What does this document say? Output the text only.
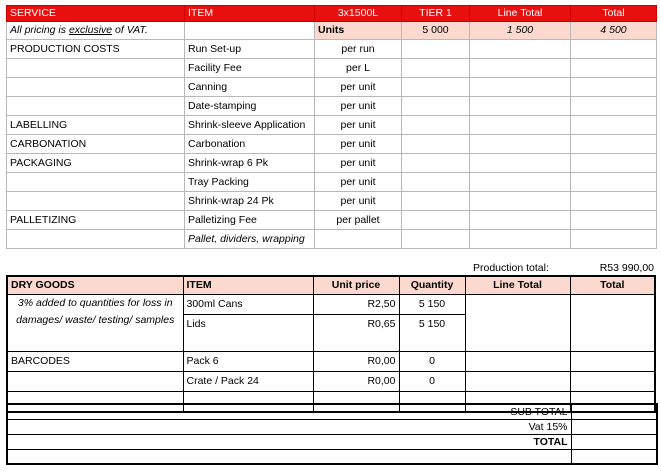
SERVICE	ITEM	3x1500L	TIER 1	Line Total	Total
All pricing is exclusive of VAT.		Units	5 000	1 500	4 500
PRODUCTION COSTS	Run Set-up	per run			
	Facility Fee	per L			
	Canning	per unit			
	Date-stamping	per unit			
LABELLING	Shrink-sleeve Application	per unit			
CARBONATION	Carbonation	per unit			
PACKAGING	Shrink-wrap 6 Pk	per unit			
	Tray Packing	per unit			
	Shrink-wrap 24 Pk	per unit			
PALLETIZING	Palletizing Fee	per pallet			
	Pallet, dividers, wrapping				
Production total:	R53 990,00
DRY GOODS	ITEM	Unit price	Quantity	Line Total	Total
3% added to quantities for loss in damages/ waste/ testing/ samples	300ml Cans	R2,50	5 150		
	Lids	R0,65	5 150		
BARCODES	Pack 6	R0,00	0		
	Crate / Pack 24	R0,00	0		

SUB TOTAL	
Vat 15%	
TOTAL	
